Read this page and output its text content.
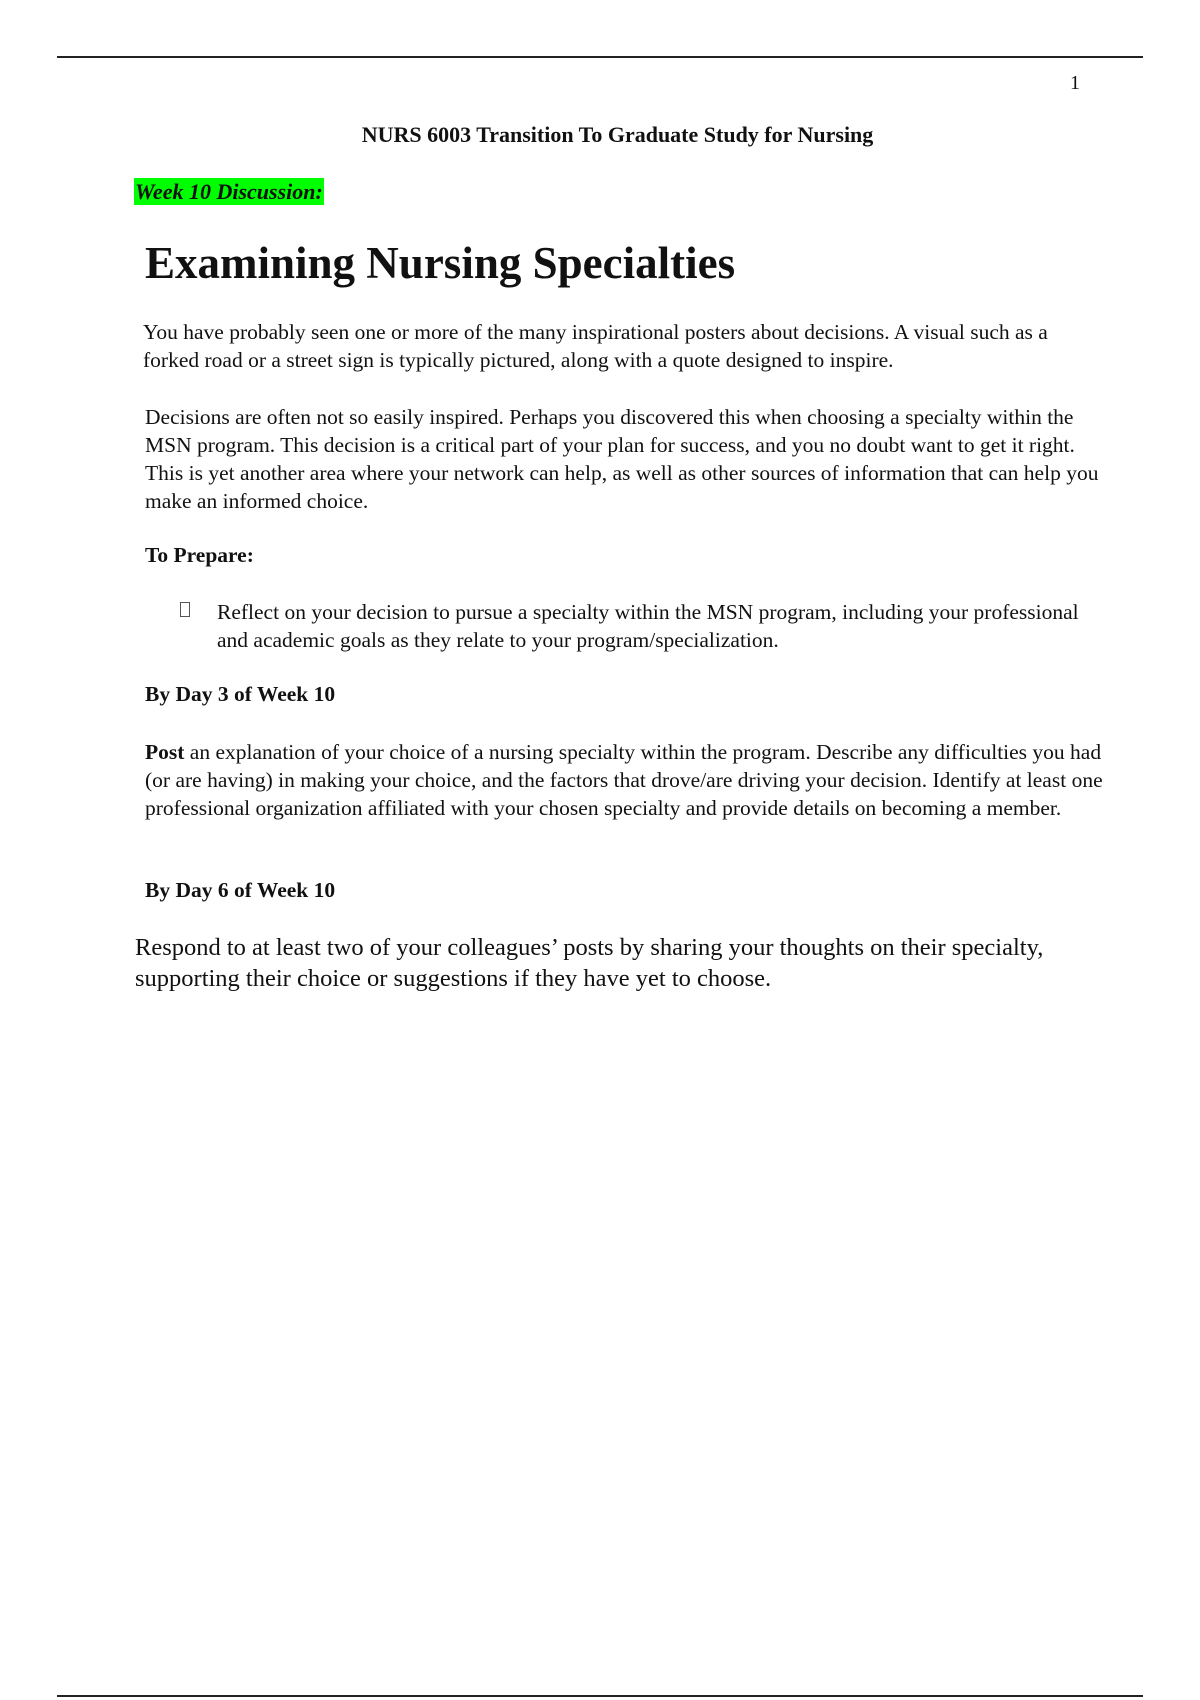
1
NURS 6003 Transition To Graduate Study for Nursing
Week 10 Discussion:
Examining Nursing Specialties

You have probably seen one or more of the many inspirational posters about decisions. A visual such as a forked road or a street sign is typically pictured, along with a quote designed to inspire.

Decisions are often not so easily inspired. Perhaps you discovered this when choosing a specialty within the MSN program. This decision is a critical part of your plan for success, and you no doubt want to get it right. This is yet another area where your network can help, as well as other sources of information that can help you make an informed choice.

To Prepare:
Reflect on your decision to pursue a specialty within the MSN program, including your professional and academic goals as they relate to your program/specialization.
By Day 3 of Week 10

Post an explanation of your choice of a nursing specialty within the program. Describe any difficulties you had (or are having) in making your choice, and the factors that drove/are driving your decision. Identify at least one professional organization affiliated with your chosen specialty and provide details on becoming a member.

By Day 6 of Week 10

Respond to at least two of your colleagues’ posts by sharing your thoughts on their specialty, supporting their choice or suggestions if they have yet to choose.
